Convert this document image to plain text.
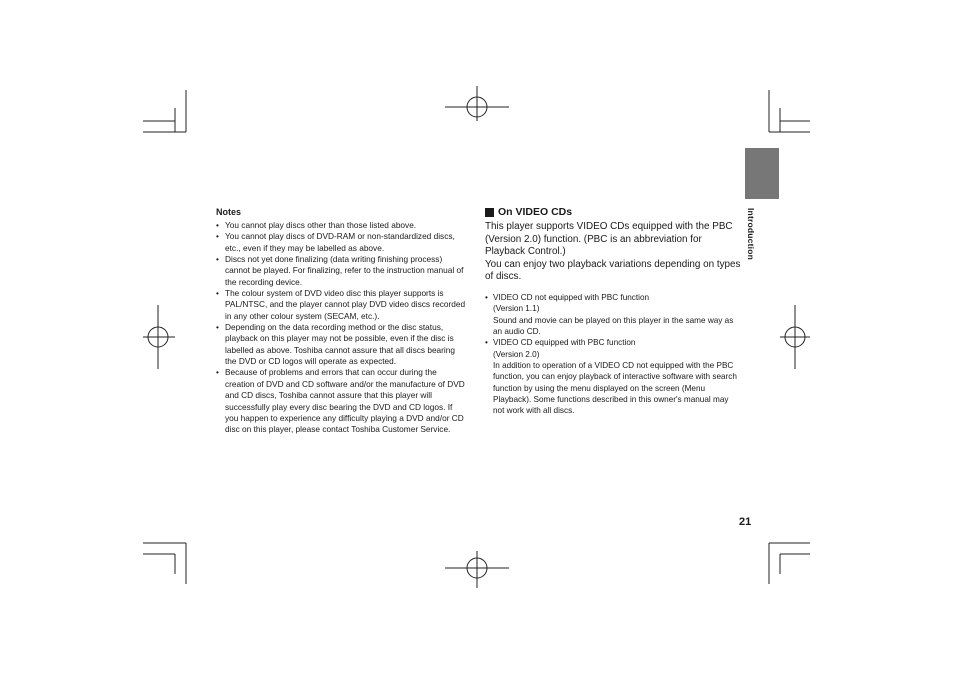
Introduction
Notes
• You cannot play discs other than those listed above.
• You cannot play discs of DVD-RAM or non-standardized discs, etc., even if they may be labelled as above.
• Discs not yet done finalizing (data writing finishing process) cannot be played. For finalizing, refer to the instruction manual of the recording device.
• The colour system of DVD video disc this player supports is PAL/NTSC, and the player cannot play DVD video discs recorded in any other colour system (SECAM, etc.).
• Depending on the data recording method or the disc status, playback on this player may not be possible, even if the disc is labelled as above. Toshiba cannot assure that all discs bearing the DVD or CD logos will operate as expected.
• Because of problems and errors that can occur during the creation of DVD and CD software and/or the manufacture of DVD and CD discs, Toshiba cannot assure that this player will successfully play every disc bearing the DVD and CD logos. If you happen to experience any difficulty playing a DVD and/or CD disc on this player, please contact Toshiba Customer Service.
On VIDEO CDs

This player supports VIDEO CDs equipped with the PBC (Version 2.0) function. (PBC is an abbreviation for Playback Control.)

You can enjoy two playback variations depending on types of discs.

• VIDEO CD not equipped with PBC function
(Version 1.1)
Sound and movie can be played on this player in the same way as an audio CD.
• VIDEO CD equipped with PBC function
(Version 2.0)
In addition to operation of a VIDEO CD not equipped with the PBC function, you can enjoy playback of interactive software with search function by using the menu displayed on the screen (Menu Playback). Some functions described in this owner's manual may not work with all discs.
21
